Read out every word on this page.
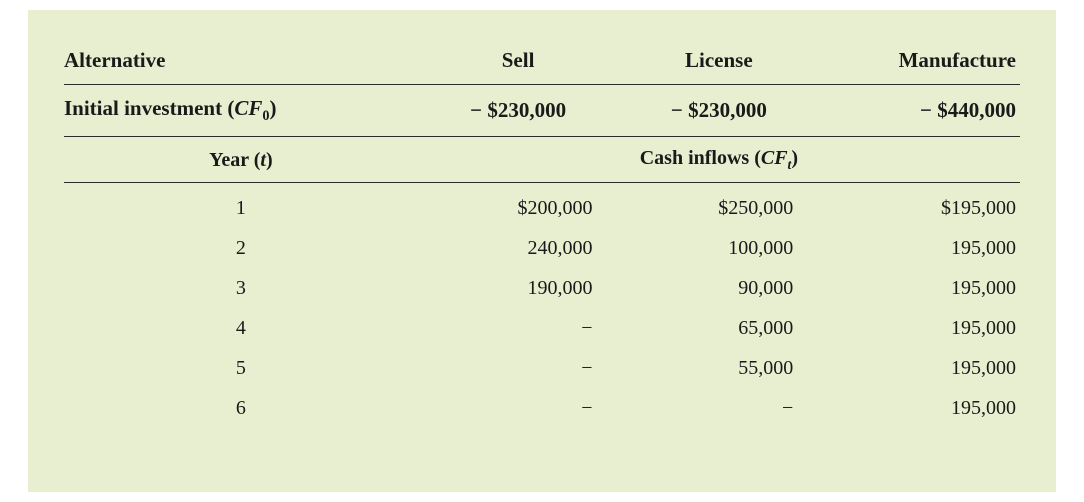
Alternative	Sell	License	Manufacture
Initial investment $(CF_0)$	− $230,000	− $230,000	− $440,000
Year (t)	Cash inflows $(CF_t)$		
1	$200,000	$250,000	$195,000
2	240,000	100,000	195,000
3	190,000	90,000	195,000
4	−	65,000	195,000
5	−	55,000	195,000
6	−	−	195,000
